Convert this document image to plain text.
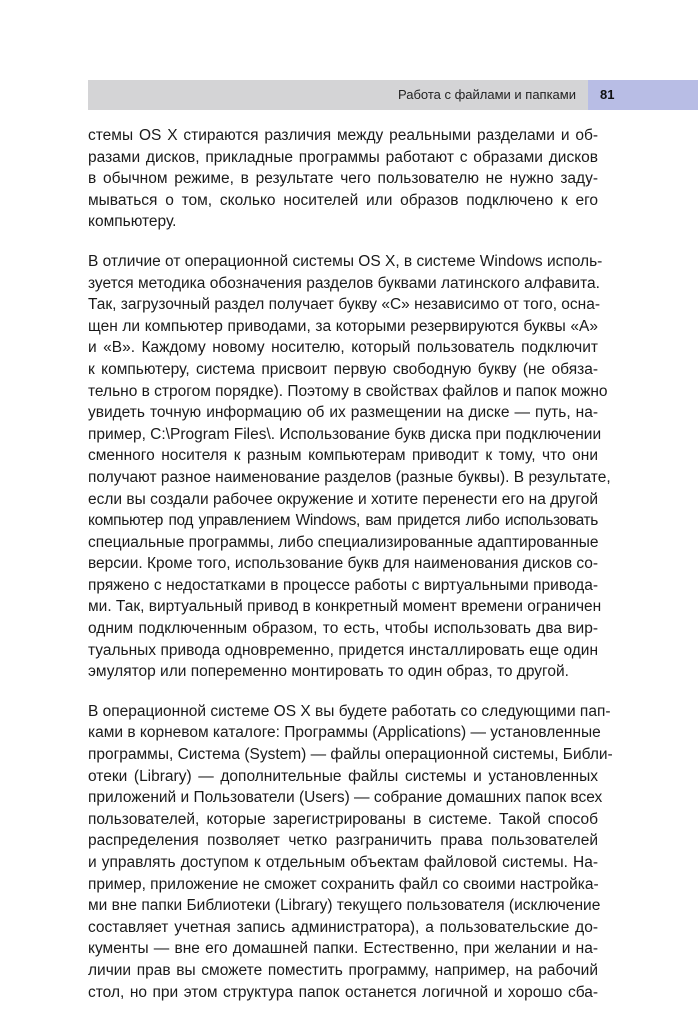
Работа с файлами и папками 81

стемы OS X стираются различия между реальными разделами и об-
разами дисков, прикладные программы работают с образами дисков
в обычном режиме, в результате чего пользователю не нужно заду-
мываться о том, сколько носителей или образов подключено к его
компьютеру.

В отличие от операционной системы OS X, в системе Windows исполь-
зуется методика обозначения разделов буквами латинского алфавита.
Так, загрузочный раздел получает букву «C» независимо от того, осна-
щен ли компьютер приводами, за которыми резервируются буквы «A»
и «B». Каждому новому носителю, который пользователь подключит
к компьютеру, система присвоит первую свободную букву (не обяза-
тельно в строгом порядке). Поэтому в свойствах файлов и папок можно
увидеть точную информацию об их размещении на диске — путь, на-
пример, C:\Program Files\. Использование букв диска при подключении
сменного носителя к разным компьютерам приводит к тому, что они
получают разное наименование разделов (разные буквы). В результате,
если вы создали рабочее окружение и хотите перенести его на другой
компьютер под управлением Windows, вам придется либо использовать
специальные программы, либо специализированные адаптированные
версии. Кроме того, использование букв для наименования дисков со-
пряжено с недостатками в процессе работы с виртуальными привода-
ми. Так, виртуальный привод в конкретный момент времени ограничен
одним подключенным образом, то есть, чтобы использовать два вир-
туальных привода одновременно, придется инсталлировать еще один
эмулятор или попеременно монтировать то один образ, то другой.

В операционной системе OS X вы будете работать со следующими пап-
ками в корневом каталоге: Программы (Applications) — установленные
программы, Система (System) — файлы операционной системы, Библи-
отеки (Library) — дополнительные файлы системы и установленных
приложений и Пользователи (Users) — собрание домашних папок всех
пользователей, которые зарегистрированы в системе. Такой способ
распределения позволяет четко разграничить права пользователей
и управлять доступом к отдельным объектам файловой системы. На-
пример, приложение не сможет сохранить файл со своими настройка-
ми вне папки Библиотеки (Library) текущего пользователя (исключение
составляет учетная запись администратора), а пользовательские до-
кументы — вне его домашней папки. Естественно, при желании и на-
личии прав вы сможете поместить программу, например, на рабочий
стол, но при этом структура папок останется логичной и хорошо сба-
